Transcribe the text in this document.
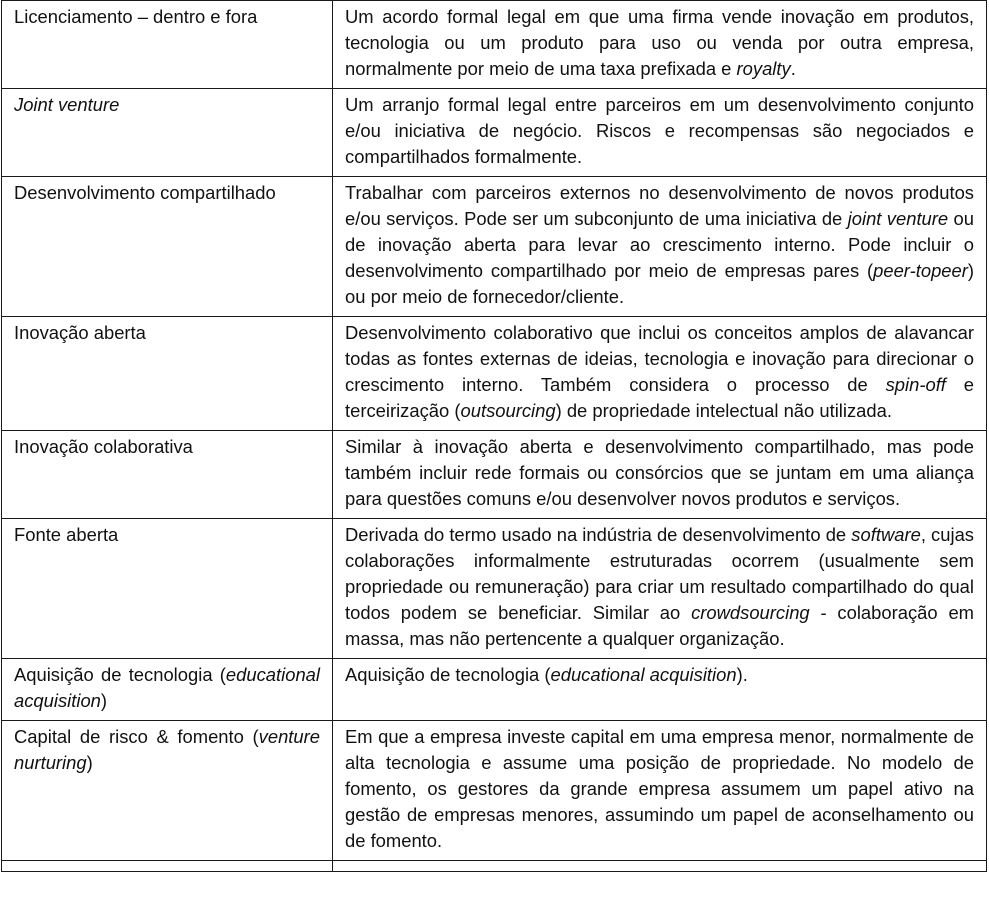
Licenciamento – dentro e fora	Um acordo formal legal em que uma firma vende inovação em produtos, tecnologia ou um produto para uso ou venda por outra empresa, normalmente por meio de uma taxa prefixada e royalty.
Joint venture	Um arranjo formal legal entre parceiros em um desenvolvimento conjunto e/ou iniciativa de negócio. Riscos e recompensas são negociados e compartilhados formalmente.
Desenvolvimento compartilhado	Trabalhar com parceiros externos no desenvolvimento de novos produtos e/ou serviços. Pode ser um subconjunto de uma iniciativa de joint venture ou de inovação aberta para levar ao crescimento interno. Pode incluir o desenvolvimento compartilhado por meio de empresas pares (peer-topeer) ou por meio de fornecedor/cliente.
Inovação aberta	Desenvolvimento colaborativo que inclui os conceitos amplos de alavancar todas as fontes externas de ideias, tecnologia e inovação para direcionar o crescimento interno. Também considera o processo de spin-off e terceirização (outsourcing) de propriedade intelectual não utilizada.
Inovação colaborativa	Similar à inovação aberta e desenvolvimento compartilhado, mas pode também incluir rede formais ou consórcios que se juntam em uma aliança para questões comuns e/ou desenvolver novos produtos e serviços.
Fonte aberta	Derivada do termo usado na indústria de desenvolvimento de software, cujas colaborações informalmente estruturadas ocorrem (usualmente sem propriedade ou remuneração) para criar um resultado compartilhado do qual todos podem se beneficiar. Similar ao crowdsourcing - colaboração em massa, mas não pertencente a qualquer organização.
Aquisição de tecnologia (educational acquisition)	Aquisição de tecnologia (educational acquisition).
Capital de risco & fomento (venture nurturing)	Em que a empresa investe capital em uma empresa menor, normalmente de alta tecnologia e assume uma posição de propriedade. No modelo de fomento, os gestores da grande empresa assumem um papel ativo na gestão de empresas menores, assumindo um papel de aconselhamento ou de fomento.
